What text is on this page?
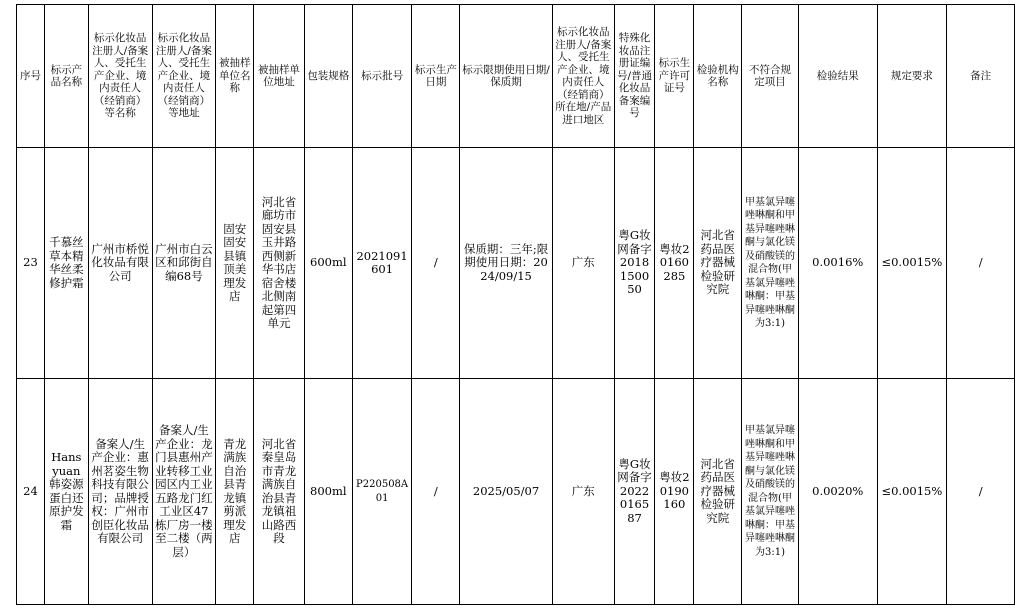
序号	标示产品名称	标示化妆品注册人/备案人、受托生产企业、境内责任人（经销商）等名称	标示化妆品注册人/备案人、受托生产企业、境内责任人（经销商）等地址	被抽样单位名称	被抽样单位地址	包装规格	标示批号	标示生产日期	标示限期使用日期/保质期	标示化妆品注册人/备案人、受托生产企业、境内责任人（经销商）所在地/产品进口地区	特殊化妆品注册证编号/普通化妆品备案编号	标示生产许可证号	检验机构名称	不符合规定项目	检验结果	规定要求	备注
23	千慕丝草本精华丝柔修护霜	广州市桥悦化妆品有限公司	广州市白云区和邱街自编68号	固安固安县镇顶美理发店	河北省廊坊市固安县玉井路西侧新华书店宿舍楼北侧南起第四单元	600ml	2021091601	/	保质期：三年;限期使用日期：2024/09/15	广东	粤G妆网备字2018150050	粤妆20160285	河北省药品医疗器械检验研究院	甲基氯异噻唑啉酮和甲基异噻唑啉酮与氯化镁及硝酸镁的混合物(甲基氯异噻唑啉酮：甲基异噻唑啉酮为3:1)	0.0016%	≤0.0015%	/
24	Hans yuan韩姿源蛋白还原护发霜	备案人/生产企业：惠州茗姿生物科技有限公司；品牌授权：广州市创臣化妆品有限公司	备案人/生产企业：龙门县惠州产业转移工业园区内工业五路龙门红工业区47栋厂房一楼至二楼（两层）	青龙满族自治县青龙镇剪派理发店	河北省秦皇岛市青龙满族自治县青龙镇祖山路西段	800ml	P220508A01	/	2025/05/07	广东	粤G妆网备字2022016587	粤妆20190160	河北省药品医疗器械检验研究院	甲基氯异噻唑啉酮和甲基异噻唑啉酮与氯化镁及硝酸镁的混合物(甲基氯异噻唑啉酮：甲基异噻唑啉酮为3:1)	0.0020%	≤0.0015%	/
